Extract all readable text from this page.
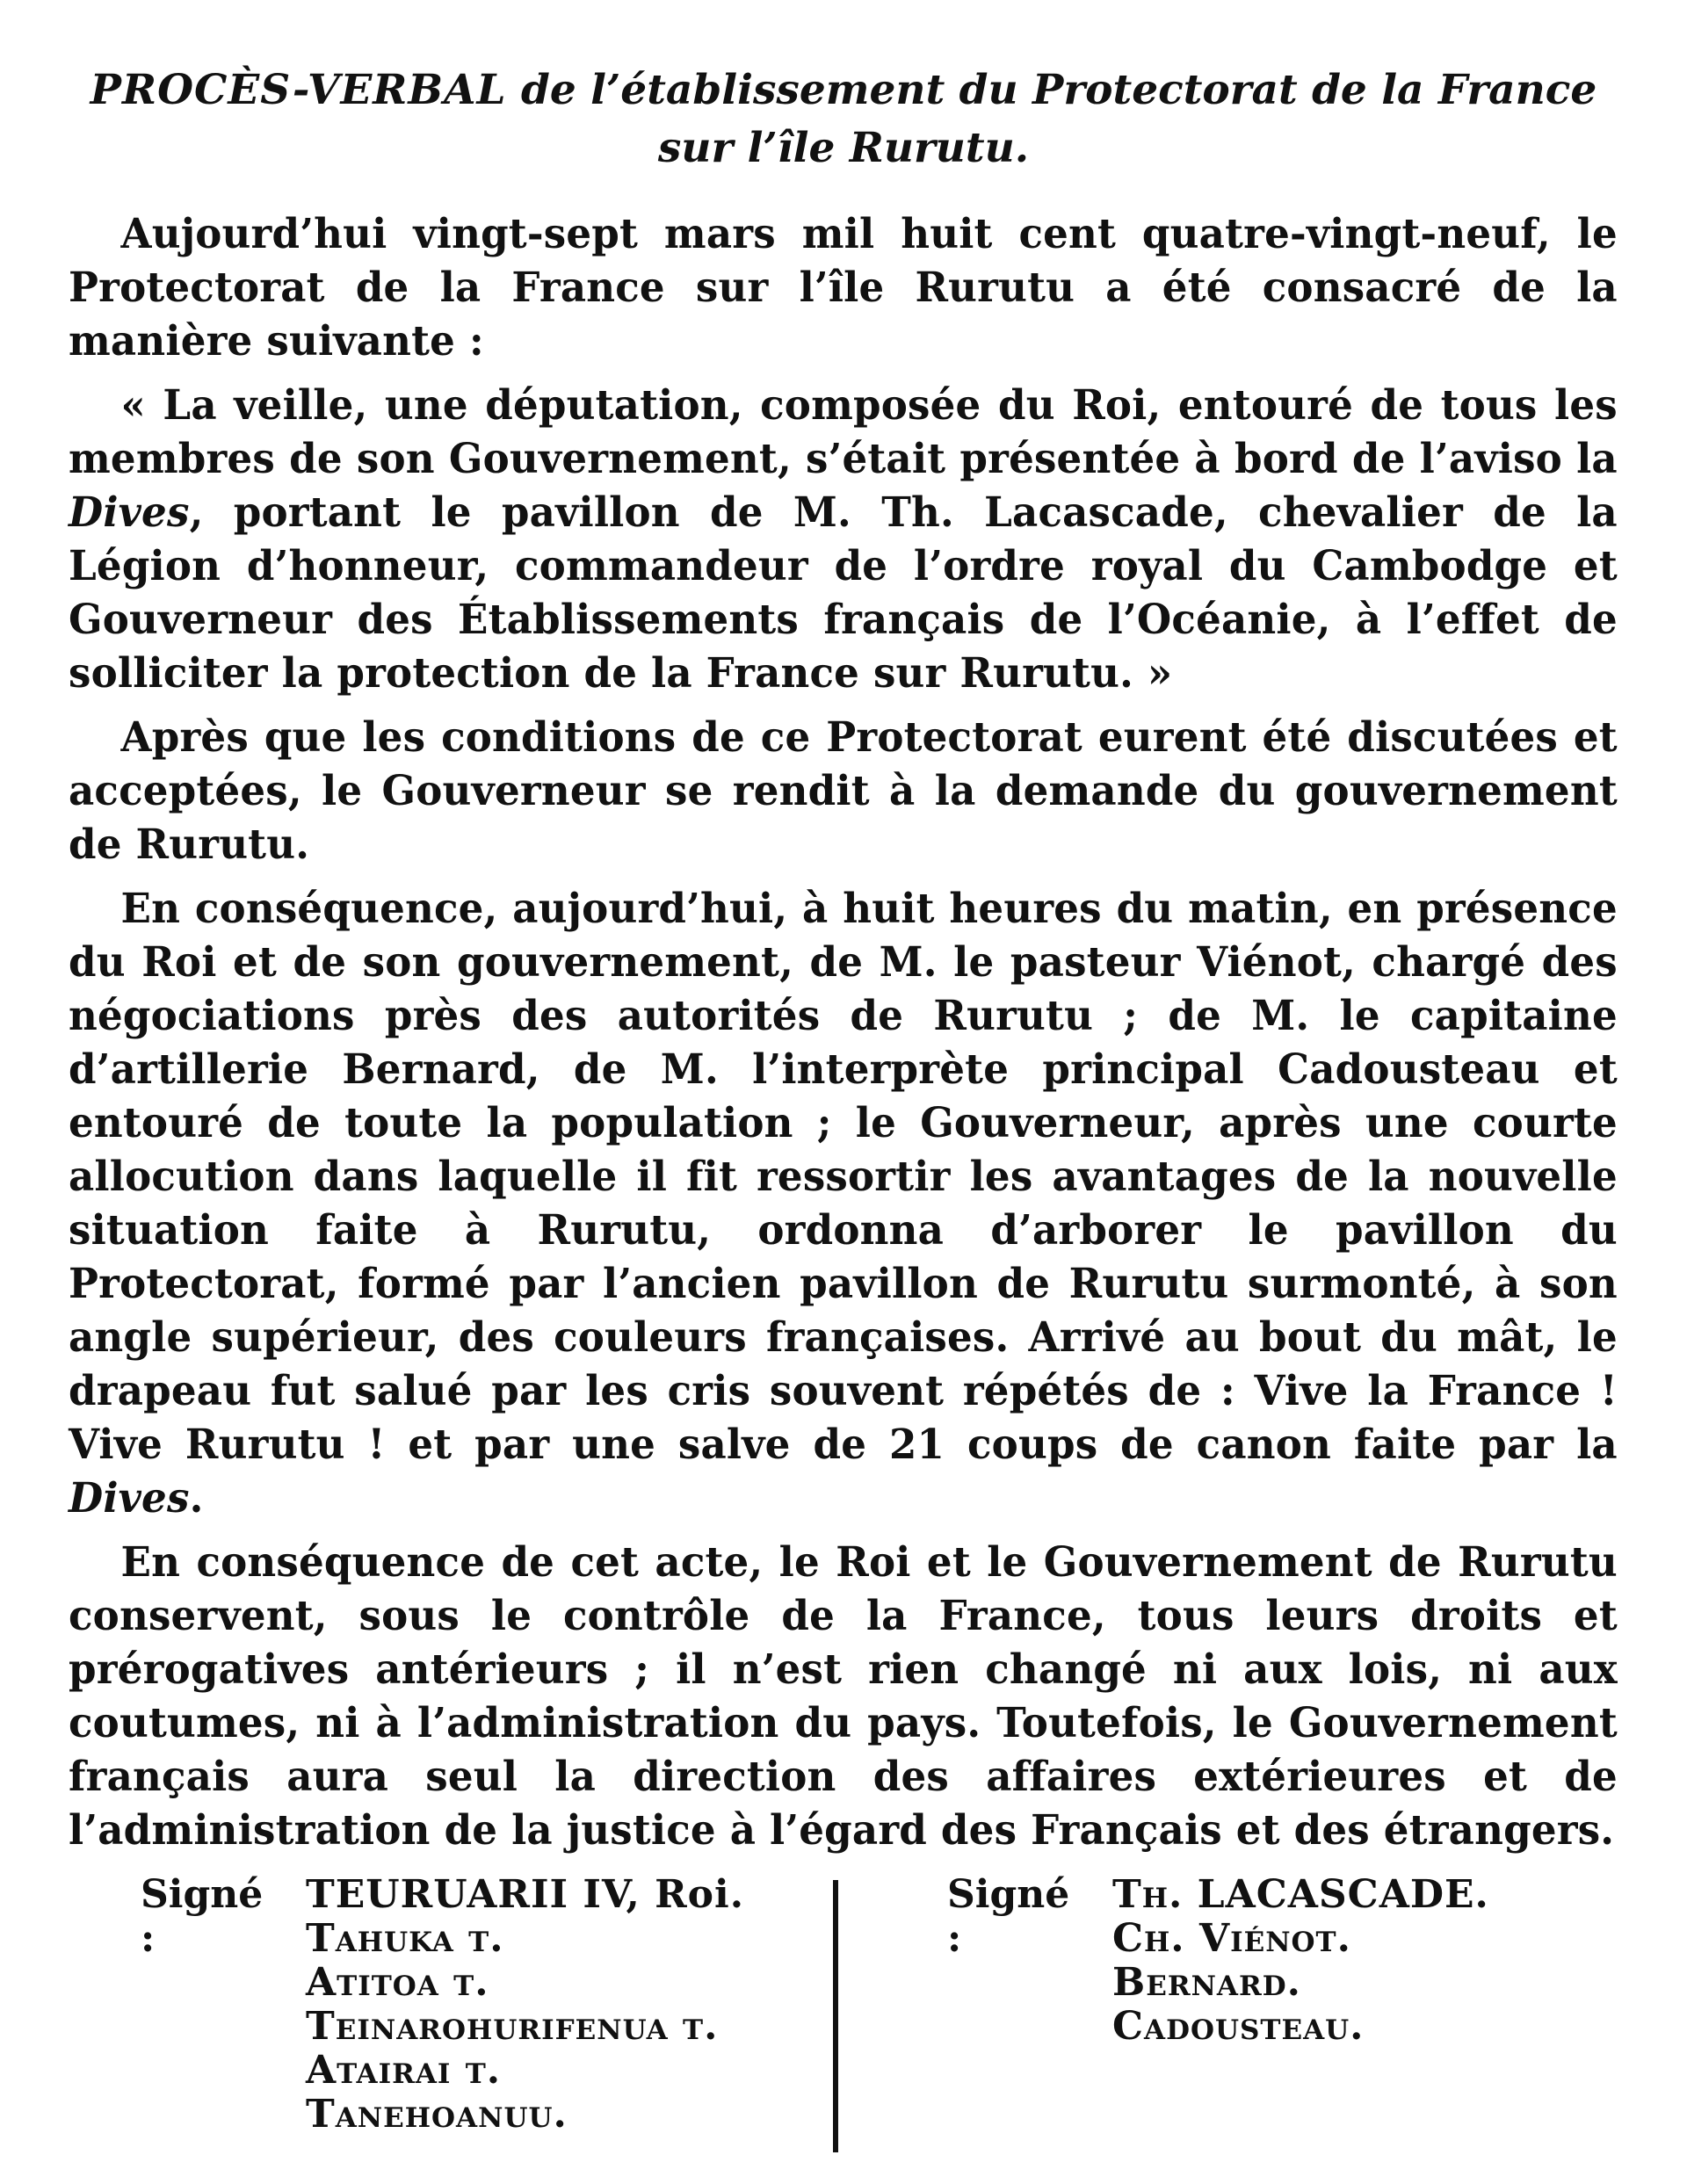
PROCÈS-VERBAL de l’établissement du Protectorat de la France
sur l’île Rurutu.

Aujourd’hui vingt-sept mars mil huit cent quatre-vingt-neuf, le Protectorat de la France sur l’île Rurutu a été consacré de la manière suivante :

« La veille, une députation, composée du Roi, entouré de tous les membres de son Gouvernement, s’était présentée à bord de l’aviso la Dives, portant le pavillon de M. Th. Lacascade, chevalier de la Légion d’honneur, commandeur de l’ordre royal du Cambodge et Gouverneur des Établissements français de l’Océanie, à l’effet de solliciter la protection de la France sur Rurutu. »

Après que les conditions de ce Protectorat eurent été discutées et acceptées, le Gouverneur se rendit à la demande du gouvernement de Rurutu.

En conséquence, aujourd’hui, à huit heures du matin, en présence du Roi et de son gouvernement, de M. le pasteur Viénot, chargé des négociations près des autorités de Rurutu ; de M. le capitaine d’artillerie Bernard, de M. l’interprète principal Cadousteau et entouré de toute la population ; le Gouverneur, après une courte allocution dans laquelle il fit ressortir les avantages de la nouvelle situation faite à Rurutu, ordonna d’arborer le pavillon du Protectorat, formé par l’ancien pavillon de Rurutu surmonté, à son angle supérieur, des couleurs françaises. Arrivé au bout du mât, le drapeau fut salué par les cris souvent répétés de : Vive la France ! Vive Rurutu ! et par une salve de 21 coups de canon faite par la Dives.

En conséquence de cet acte, le Roi et le Gouvernement de Rurutu conservent, sous le contrôle de la France, tous leurs droits et prérogatives antérieurs ; il n’est rien changé ni aux lois, ni aux coutumes, ni à l’administration du pays. Toutefois, le Gouvernement français aura seul la direction des affaires extérieures et de l’administration de la justice à l’égard des Français et des étrangers.

Signé :
TEURUARII IV, Roi.
Tahuka t.
Atitoa t.
Teinarohurifenua t.
Atairai t.
Tanehoanuu.
Signé :
Th. LACASCADE.
Ch. Viénot.
Bernard.
Cadousteau.
